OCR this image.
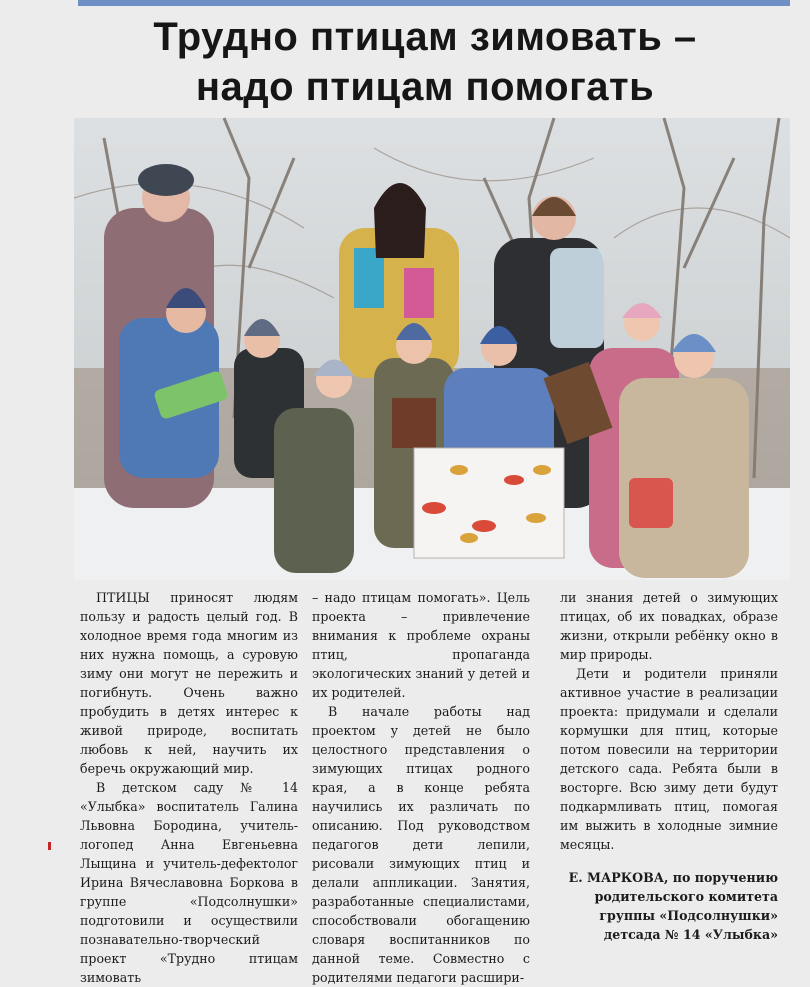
Трудно птицам зимовать –
надо птицам помогать

ПТИЦЫ приносят людям пользу и радость целый год. В холодное время года многим из них нужна помощь, а суровую зиму они могут не пережить и погибнуть. Очень важно пробудить в детях интерес к живой природе, воспитать любовь к ней, научить их беречь окружающий мир.

В детском саду № 14 «Улыбка» воспитатель Галина Львовна Бородина, учитель-логопед Анна Евгеньевна Лыщина и учитель-дефектолог Ирина Вячеславовна Боркова в группе «Подсолнушки» подготовили и осуществили познавательно-творческий проект «Трудно птицам зимовать

– надо птицам помогать». Цель проекта – привлечение внимания к проблеме охраны птиц, пропаганда экологических знаний у детей и их родителей.

В начале работы над проектом у детей не было целостного представления о зимующих птицах родного края, а в конце ребята научились их различать по описанию. Под руководством педагогов дети лепили, рисовали зимующих птиц и делали аппликации. Занятия, разработанные специалистами, способствовали обогащению словаря воспитанников по данной теме. Совместно с родителями педагоги расшири-

ли знания детей о зимующих птицах, об их повадках, образе жизни, открыли ребёнку окно в мир природы.

Дети и родители приняли активное участие в реализации проекта: придумали и сделали кормушки для птиц, которые потом повесили на территории детского сада. Ребята были в восторге. Всю зиму дети будут подкармливать птиц, помогая им выжить в холодные зимние месяцы.

Е. МАРКОВА, по поручению родительского комитета группы «Подсолнушки» детсада № 14 «Улыбка»
